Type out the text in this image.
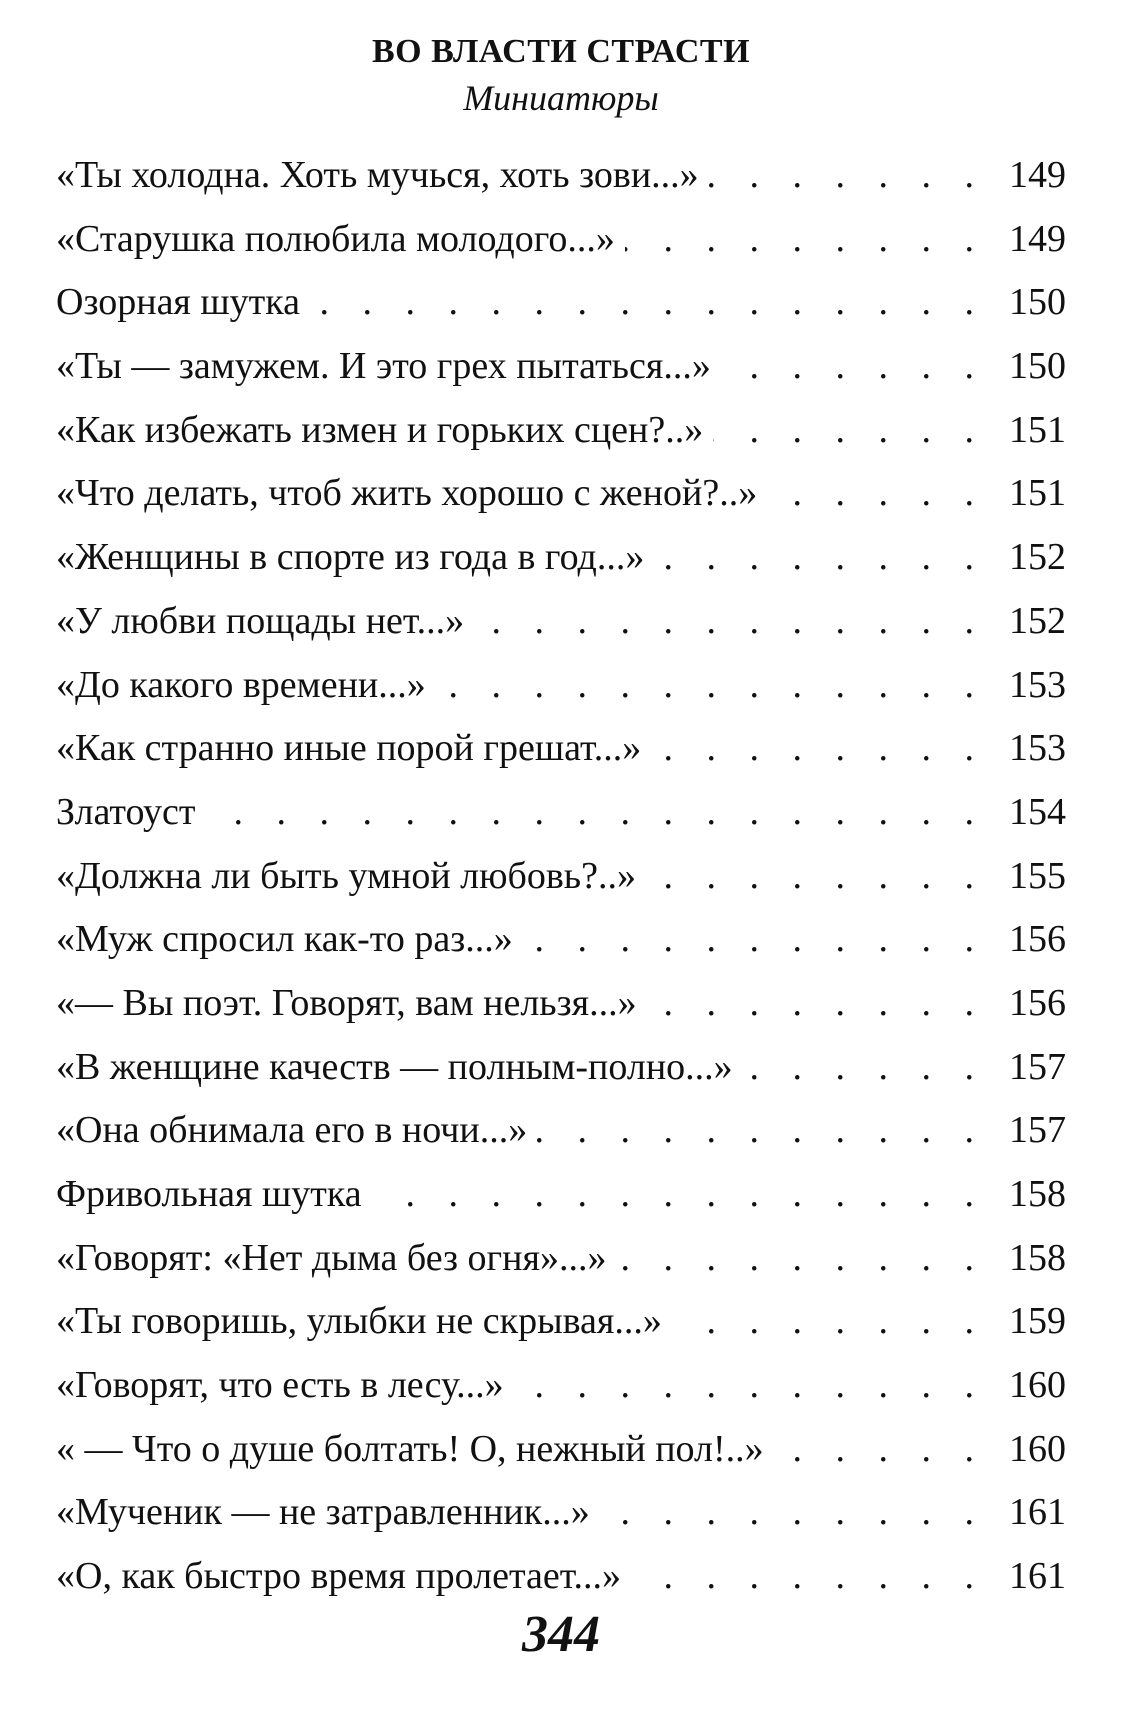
ВО ВЛАСТИ СТРАСТИ
Миниатюры
«Ты холодна. Хоть мучься, хоть зови...» . . .	149
«Старушка полюбила молодого...» . . .	149
Озорная шутка . . .	150
«Ты — замужем. И это грех пытаться...» . . .	150
«Как избежать измен и горьких сцен?..» . . .	151
«Что делать, чтоб жить хорошо с женой?..» . . .	151
«Женщины в спорте из года в год...» . . .	152
«У любви пощады нет...» . . .	152
«До какого времени...» . . .	153
«Как странно иные порой грешат...» . . .	153
Златоуст . . .	154
«Должна ли быть умной любовь?..» . . .	155
«Муж спросил как-то раз...» . . .	156
«— Вы поэт. Говорят, вам нельзя...» . . .	156
«В женщине качеств — полным-полно...» . . .	157
«Она обнимала его в ночи...» . . .	157
Фривольная шутка . . .	158
«Говорят: «Нет дыма без огня»...» . . .	158
«Ты говоришь, улыбки не скрывая...» . . .	159
«Говорят, что есть в лесу...» . . .	160
« — Что о душе болтать! О, нежный пол!..» . . .	160
«Мученик — не затравленник...» . . .	161
«О, как быстро время пролетает...» . . .	161
344
